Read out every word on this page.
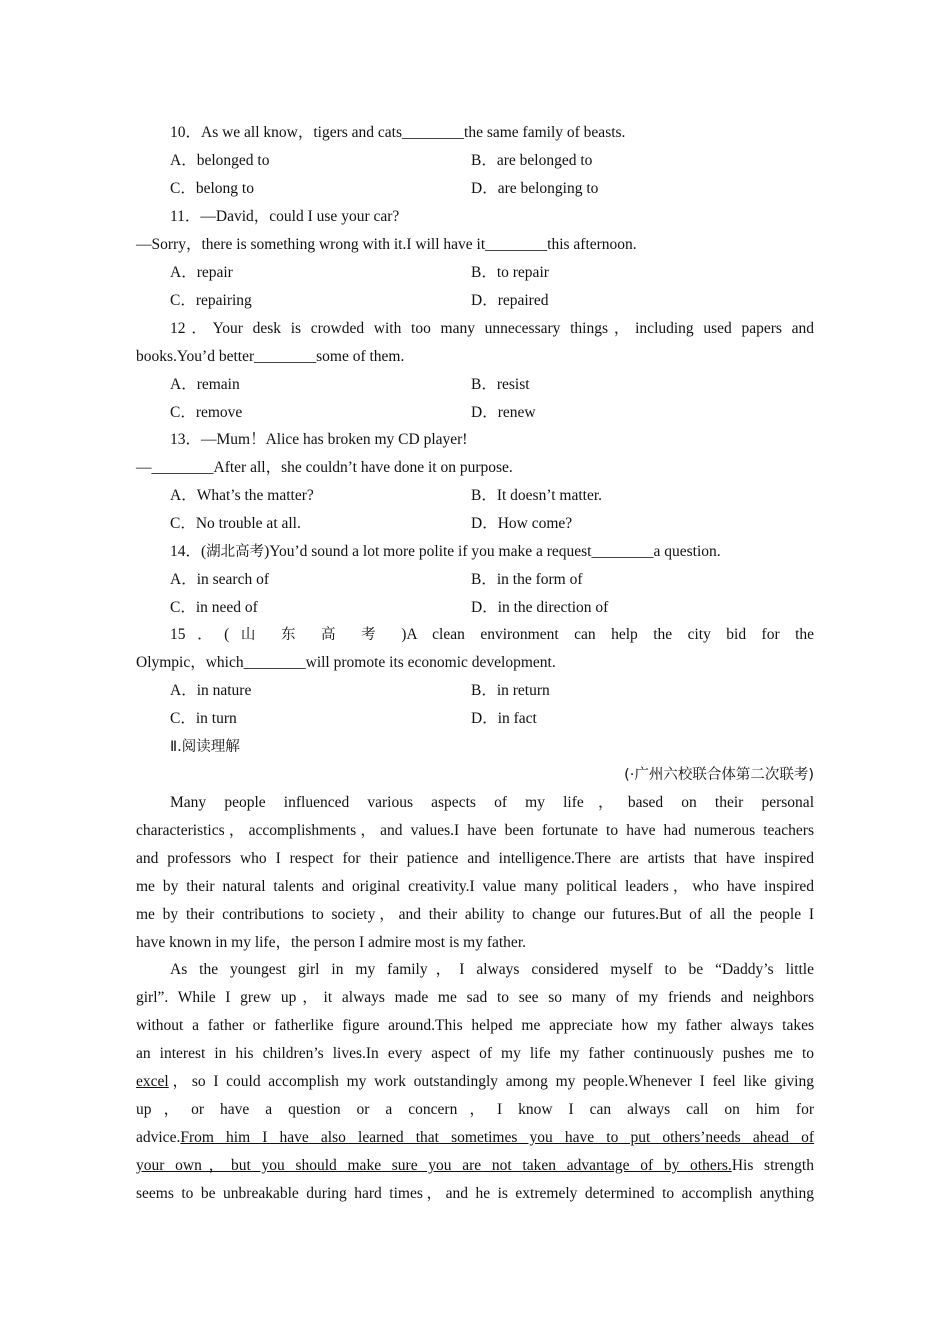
10．As we all know，tigers and cats________the same family of beasts.
A．belonged to	B．are belonged to
C．belong to	D．are belonging to
11．—David，could I use your car?
—Sorry，there is something wrong with it.I will have it________this afternoon.
A．repair	B．to repair
C．repairing	D．repaired
12．Your desk is crowded with too many unnecessary things，including used papers and
books.You’d better________some of them.
A．remain	B．resist
C．remove	D．renew
13．—Mum！Alice has broken my CD player!
—________After all，she couldn’t have done it on purpose.
A．What’s the matter?	B．It doesn’t matter.
C．No trouble at all.	D．How come?
14．(湖北高考)You’d sound a lot more polite if you make a request________a question.
A．in search of	B．in the form of
C．in need of	D．in the direction of
15．(山东高考)A clean environment can help the city bid for the
Olympic，which________will promote its economic development.
A．in nature	B．in return
C．in turn	D．in fact
Ⅱ.阅读理解
(·广州六校联合体第二次联考)
Many people influenced various aspects of my life，based on their personal
characteristics，accomplishments，and values.I have been fortunate to have had numerous teachers
and professors who I respect for their patience and intelligence.There are artists that have inspired
me by their natural talents and original creativity.I value many political leaders，who have inspired
me by their contributions to society，and their ability to change our futures.But of all the people I
have known in my life，the person I admire most is my father.
As the youngest girl in my family，I always considered myself to be “Daddy’s little
girl”. While I grew up，it always made me sad to see so many of my friends and neighbors
without a father or fatherlike figure around.This helped me appreciate how my father always takes
an interest in his children’s lives.In every aspect of my life my father continuously pushes me to
excel，so I could accomplish my work outstandingly among my people.Whenever I feel like giving
up，or have a question or a concern，I know I can always call on him for
advice.From him I have also learned that sometimes you have to put others’needs ahead of
your own，but you should make sure you are not taken advantage of by others.His strength
seems to be unbreakable during hard times，and he is extremely determined to accomplish anything
